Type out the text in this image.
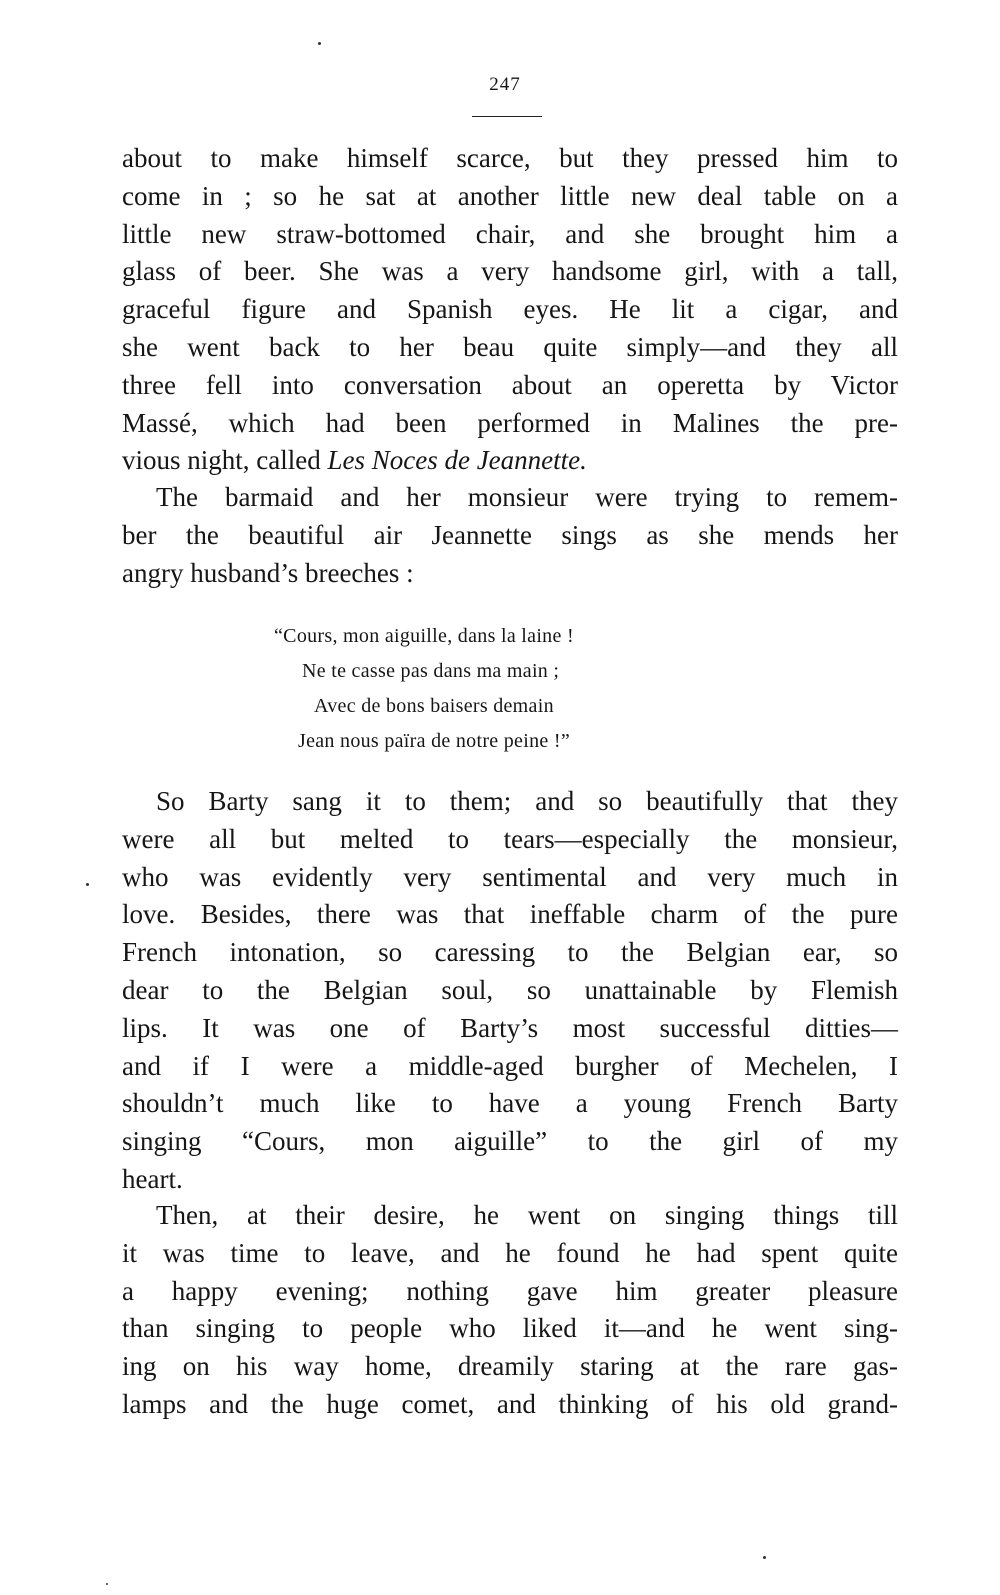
247
about to make himself scarce, but they pressed him to
come in ; so he sat at another little new deal table on a
little new straw-bottomed chair, and she brought him a
glass of beer. She was a very handsome girl, with a tall,
graceful figure and Spanish eyes. He lit a cigar, and
she went back to her beau quite simply—and they all
three fell into conversation about an operetta by Victor
Massé, which had been performed in Malines the pre-
vious night, called Les Noces de Jeannette.
The barmaid and her monsieur were trying to remem-
ber the beautiful air Jeannette sings as she mends her
angry husband’s breeches :
“Cours, mon aiguille, dans la laine !
Ne te casse pas dans ma main ;
Avec de bons baisers demain
Jean nous païra de notre peine !”
So Barty sang it to them; and so beautifully that they
were all but melted to tears—especially the monsieur,
who was evidently very sentimental and very much in
love. Besides, there was that ineffable charm of the pure
French intonation, so caressing to the Belgian ear, so
dear to the Belgian soul, so unattainable by Flemish
lips. It was one of Barty’s most successful ditties—
and if I were a middle-aged burgher of Mechelen, I
shouldn’t much like to have a young French Barty
singing “Cours, mon aiguille” to the girl of my
heart.
Then, at their desire, he went on singing things till
it was time to leave, and he found he had spent quite
a happy evening; nothing gave him greater pleasure
than singing to people who liked it—and he went sing-
ing on his way home, dreamily staring at the rare gas-
lamps and the huge comet, and thinking of his old grand-
